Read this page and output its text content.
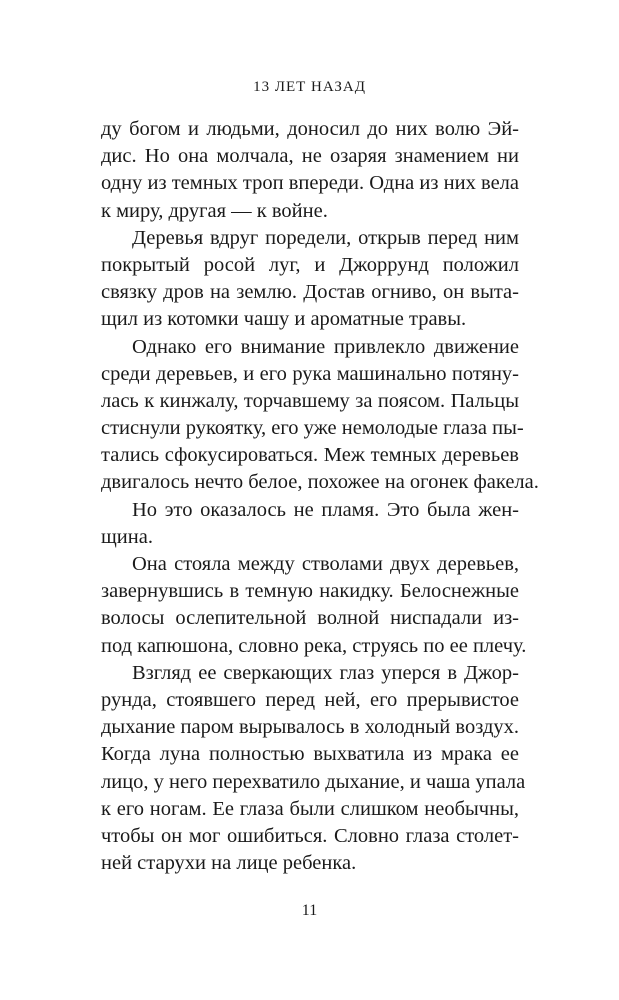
13 ЛЕТ НАЗАД
ду богом и людьми, доносил до них волю Эй-
дис. Но она молчала, не озаряя знамением ни
одну из темных троп впереди. Одна из них вела
к миру, другая — к войне.
Деревья вдруг поредели, открыв перед ним
покрытый росой луг, и Джоррунд положил
связку дров на землю. Достав огниво, он выта-
щил из котомки чашу и ароматные травы.
Однако его внимание привлекло движение
среди деревьев, и его рука машинально потяну-
лась к кинжалу, торчавшему за поясом. Пальцы
стиснули рукоятку, его уже немолодые глаза пы-
тались сфокусироваться. Меж темных деревьев
двигалось нечто белое, похожее на огонек факела.
Но это оказалось не пламя. Это была жен-
щина.
Она стояла между стволами двух деревьев,
завернувшись в темную накидку. Белоснежные
волосы ослепительной волной ниспадали из-
под капюшона, словно река, струясь по ее плечу.
Взгляд ее сверкающих глаз уперся в Джор-
рунда, стоявшего перед ней, его прерывистое
дыхание паром вырывалось в холодный воздух.
Когда луна полностью выхватила из мрака ее
лицо, у него перехватило дыхание, и чаша упала
к его ногам. Ее глаза были слишком необычны,
чтобы он мог ошибиться. Словно глаза столет-
ней старухи на лице ребенка.
11
